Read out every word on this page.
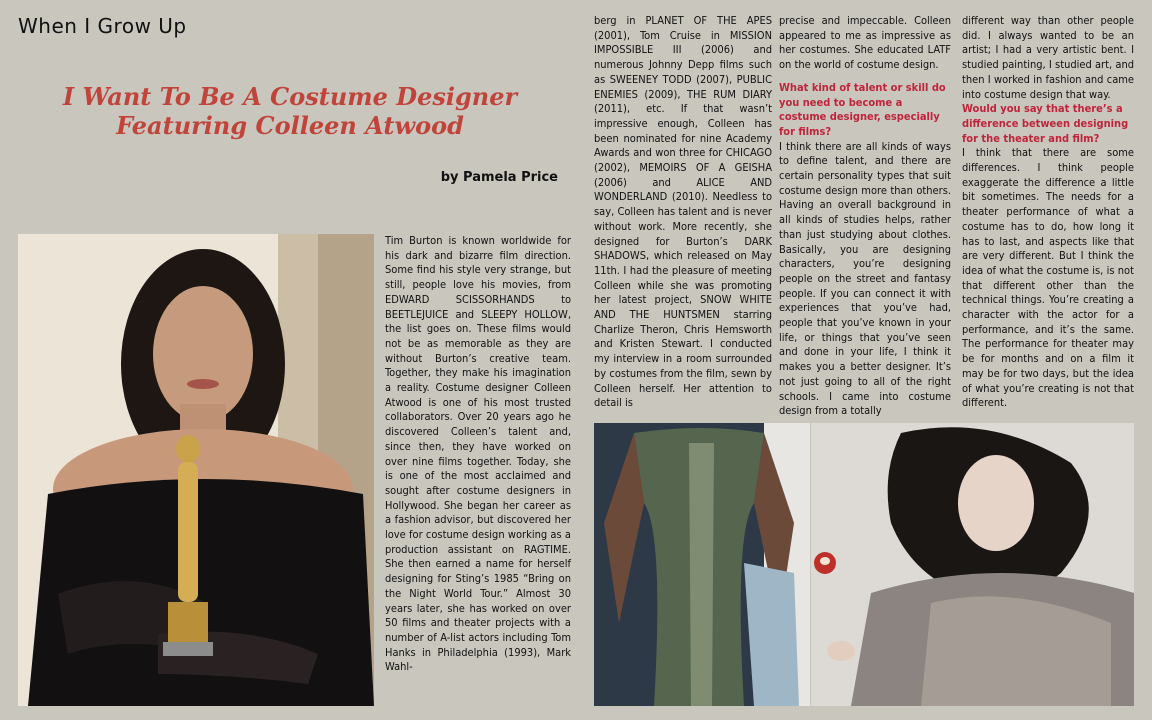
When I Grow Up
I Want To Be A Costume Designer
Featuring Colleen Atwood
by Pamela Price

Tim Burton is known worldwide for his dark and bizarre film direction. Some find his style very strange, but still, people love his movies, from EDWARD SCISSORHANDS to BEETLEJUICE and SLEEPY HOLLOW, the list goes on. These films would not be as memorable as they are without Burton’s creative team. Together, they make his imagination a reality. Costume designer Colleen Atwood is one of his most trusted collaborators. Over 20 years ago he discovered Colleen’s talent and, since then, they have worked on over nine films together. Today, she is one of the most acclaimed and sought after costume designers in Hollywood. She began her career as a fashion advisor, but discovered her love for costume design working as a production assistant on RAGTIME. She then earned a name for herself designing for Sting’s 1985 “Bring on the Night World Tour.” Almost 30 years later, she has worked on over 50 films and theater projects with a number of A-list actors including Tom Hanks in Philadelphia (1993), Mark Wahl-

berg in PLANET OF THE APES (2001), Tom Cruise in MISSION IMPOSSIBLE III (2006) and numerous Johnny Depp films such as SWEENEY TODD (2007), PUBLIC ENEMIES (2009), THE RUM DIARY (2011), etc. If that wasn’t impressive enough, Colleen has been nominated for nine Academy Awards and won three for CHICAGO (2002), MEMOIRS OF A GEISHA (2006) and ALICE AND WONDERLAND (2010). Needless to say, Colleen has talent and is never without work. More recently, she designed for Burton’s DARK SHADOWS, which released on May 11th. I had the pleasure of meeting Colleen while she was promoting her latest project, SNOW WHITE AND THE HUNTSMEN starring Charlize Theron, Chris Hemsworth and Kristen Stewart. I conducted my interview in a room surrounded by costumes from the film, sewn by Colleen herself. Her attention to detail is

precise and impeccable. Colleen appeared to me as impressive as her costumes. She educated LATF on the world of costume design.

What kind of talent or skill do you need to become a costume designer, especially for films?

I think there are all kinds of ways to define talent, and there are certain personality types that suit costume design more than others. Having an overall background in all kinds of studies helps, rather than just studying about clothes. Basically, you are designing characters, you’re designing people on the street and fantasy people. If you can connect it with experiences that you’ve had, people that you’ve known in your life, or things that you’ve seen and done in your life, I think it makes you a better designer. It’s not just going to all of the right schools. I came into costume design from a totally

different way than other people did. I always wanted to be an artist; I had a very artistic bent. I studied painting, I studied art, and then I worked in fashion and came into costume design that way.

Would you say that there’s a difference between designing for the theater and film?

I think that there are some differences. I think people exaggerate the difference a little bit sometimes. The needs for a theater performance of what a costume has to do, how long it has to last, and aspects like that are very different. But I think the idea of what the costume is, is not that different other than the technical things. You’re creating a character with the actor for a performance, and it’s the same. The performance for theater may be for months and on a film it may be for two days, but the idea of what you’re creating is not that different.
